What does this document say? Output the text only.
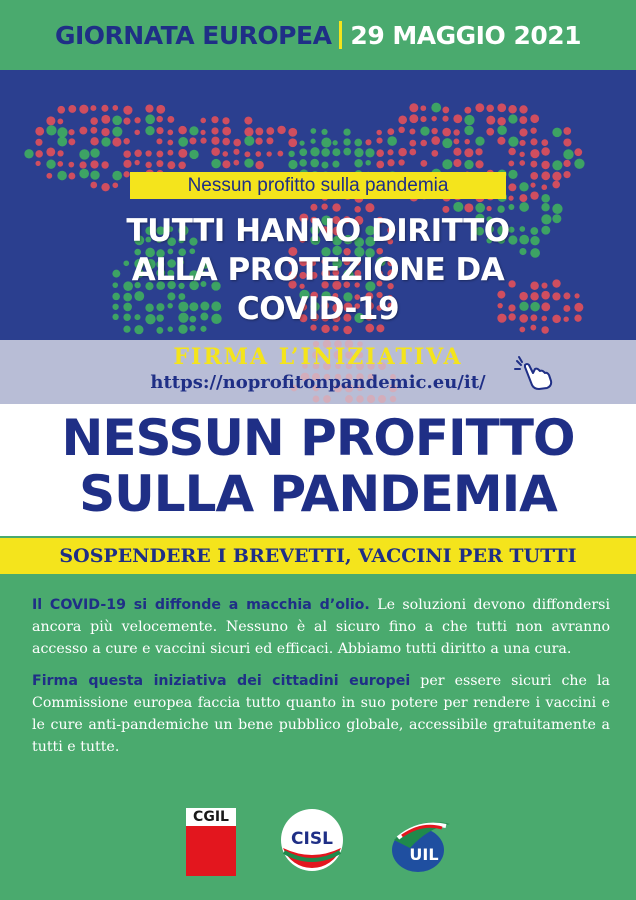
GIORNATA EUROPEA 29 MAGGIO 2021
Nessun profitto sulla pandemia
TUTTI HANNO DIRITTO
ALLA PROTEZIONE DA
COVID-19
FIRMA L’INIZIATIVA
https://noprofitonpandemic.eu/it/
NESSUN PROFITTO
SULLA PANDEMIA
SOSPENDERE I BREVETTI, VACCINI PER TUTTI

Il COVID-19 si diffonde a macchia d’olio. Le soluzioni devono diffondersi ancora più velocemente. Nessuno è al sicuro fino a che tutti non avranno accesso a cure e vaccini sicuri ed efficaci. Abbiamo tutti diritto a una cura.

Firma questa iniziativa dei cittadini europei per essere sicuri che la Commissione europea faccia tutto quanto in suo potere per rendere i vaccini e le cure anti-pandemiche un bene pubblico globale, accessibile gratuitamente a tutti e tutte.

CGIL
CISL
UIL
